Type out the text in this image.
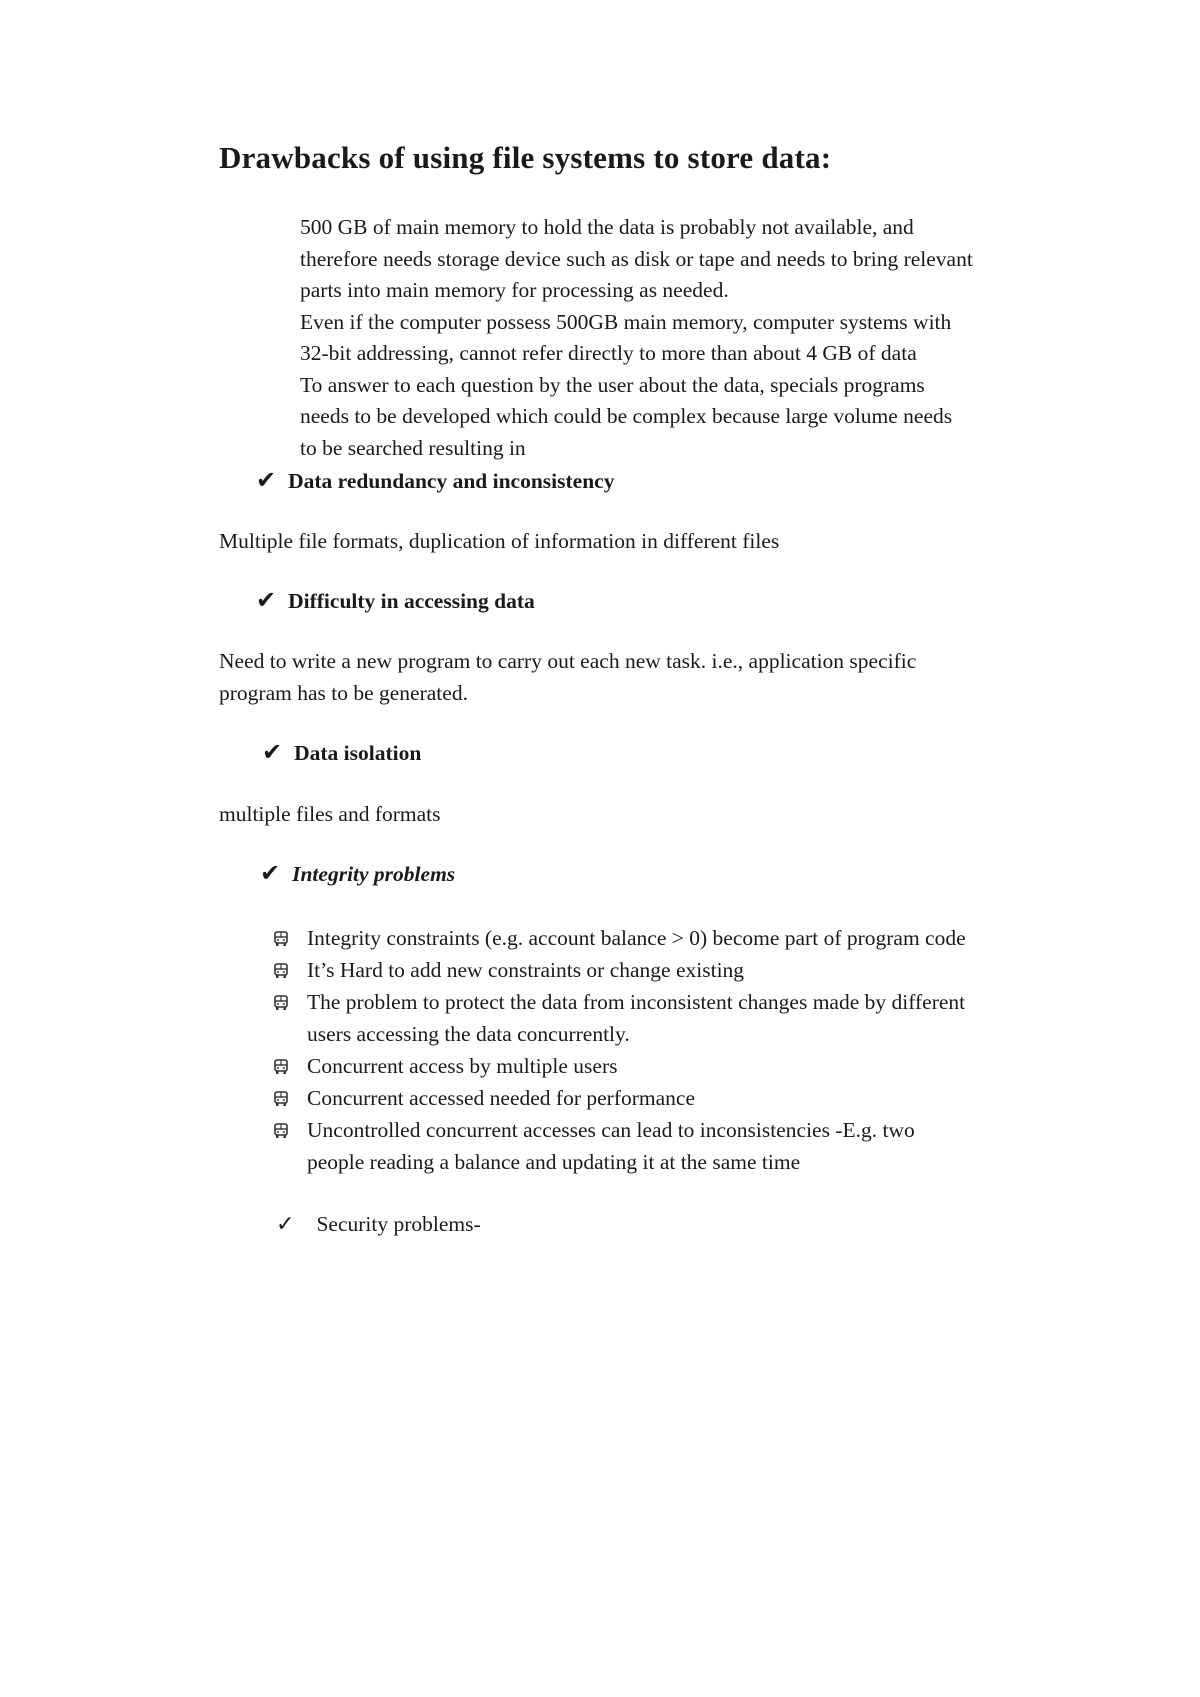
Drawbacks of using file systems to store data:
500 GB of main memory to hold the data is probably not available, and
therefore needs storage device such as disk or tape and needs to bring relevant
parts into main memory for processing as needed.
Even if the computer possess 500GB main memory, computer systems with
32-bit addressing, cannot refer directly to more than about 4 GB of data
To answer to each question by the user about the data, specials programs
needs to be developed which could be complex because large volume needs
to be searched resulting in
✔ Data redundancy and inconsistency
Multiple file formats, duplication of information in different files
✔ Difficulty in accessing data
Need to write a new program to carry out each new task. i.e., application specific
program has to be generated.
✔ Data isolation
multiple files and formats
✔ Integrity problems
Integrity constraints (e.g. account balance > 0) become part of program code
It’s Hard to add new constraints or change existing
The problem to protect the data from inconsistent changes made by different
users accessing the data concurrently.
Concurrent access by multiple users
Concurrent accessed needed for performance
Uncontrolled concurrent accesses can lead to inconsistencies -E.g. two
people reading a balance and updating it at the same time
✓ Security problems-
